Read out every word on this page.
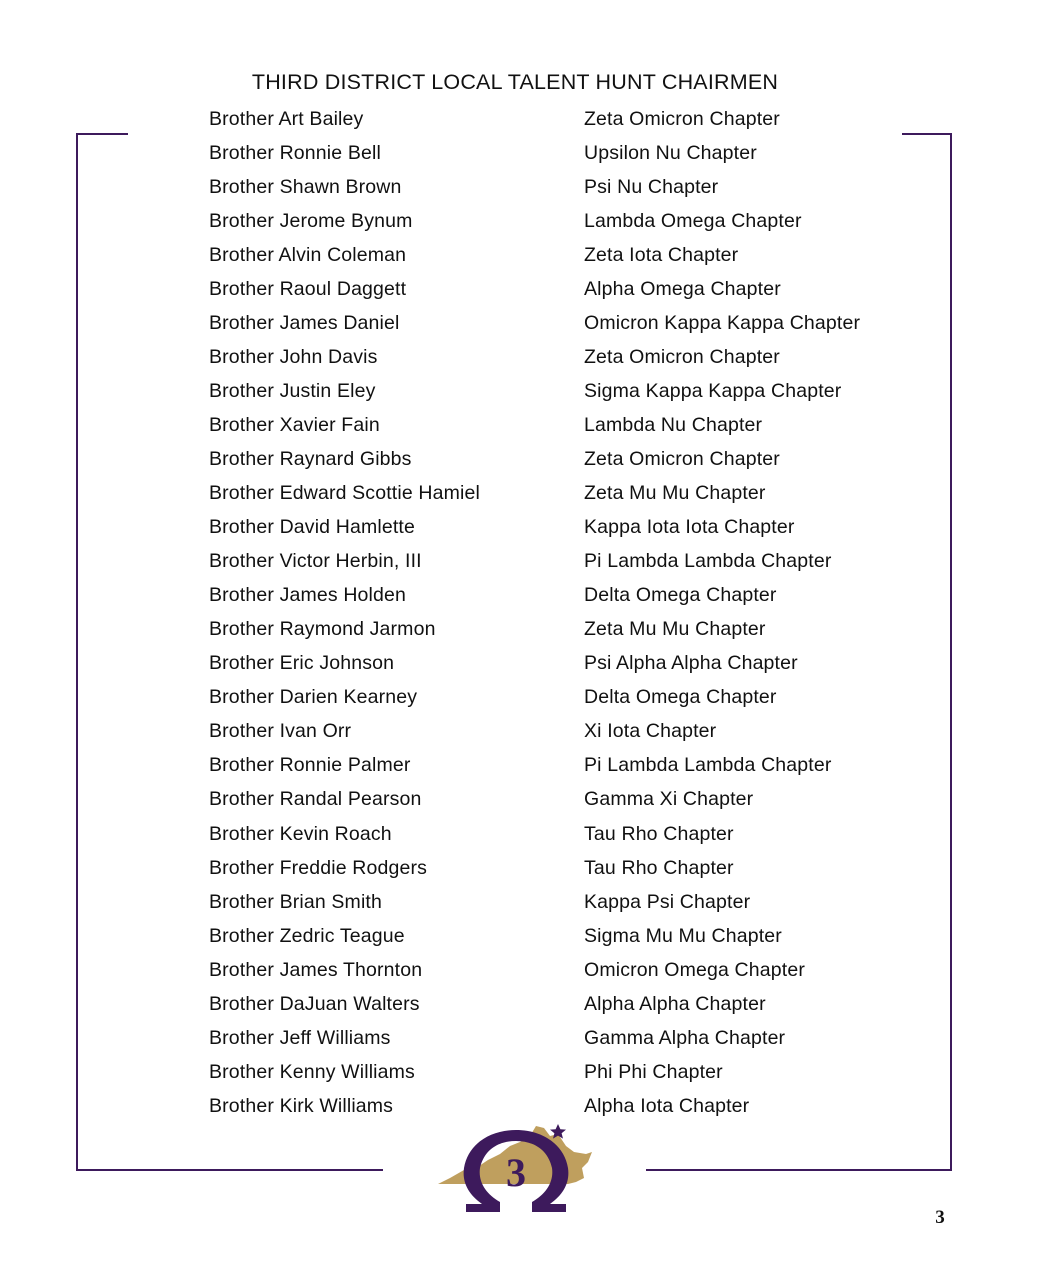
THIRD DISTRICT LOCAL TALENT HUNT CHAIRMEN
Brother Art Bailey	Zeta Omicron Chapter
Brother Ronnie Bell	Upsilon Nu Chapter
Brother Shawn Brown	Psi Nu Chapter
Brother Jerome Bynum	Lambda Omega Chapter
Brother Alvin Coleman	Zeta Iota Chapter
Brother Raoul Daggett	Alpha Omega Chapter
Brother James Daniel	Omicron Kappa Kappa Chapter
Brother John Davis	Zeta Omicron Chapter
Brother Justin Eley	Sigma Kappa Kappa Chapter
Brother Xavier Fain	Lambda Nu Chapter
Brother Raynard Gibbs	Zeta Omicron Chapter
Brother Edward Scottie Hamiel	Zeta Mu Mu Chapter
Brother David Hamlette	Kappa Iota Iota Chapter
Brother Victor Herbin, III	Pi Lambda Lambda Chapter
Brother James Holden	Delta Omega Chapter
Brother Raymond Jarmon	Zeta Mu Mu Chapter
Brother Eric Johnson	Psi Alpha Alpha Chapter
Brother Darien Kearney	Delta Omega Chapter
Brother Ivan Orr	Xi Iota Chapter
Brother Ronnie Palmer	Pi Lambda Lambda Chapter
Brother Randal Pearson	Gamma Xi Chapter
Brother Kevin Roach	Tau Rho Chapter
Brother Freddie Rodgers	Tau Rho Chapter
Brother Brian Smith	Kappa Psi Chapter
Brother Zedric Teague	Sigma Mu Mu Chapter
Brother James Thornton	Omicron Omega Chapter
Brother DaJuan Walters	Alpha Alpha Chapter
Brother Jeff Williams	Gamma Alpha Chapter
Brother Kenny Williams	Phi Phi Chapter
Brother Kirk Williams	Alpha Iota Chapter
3
3
